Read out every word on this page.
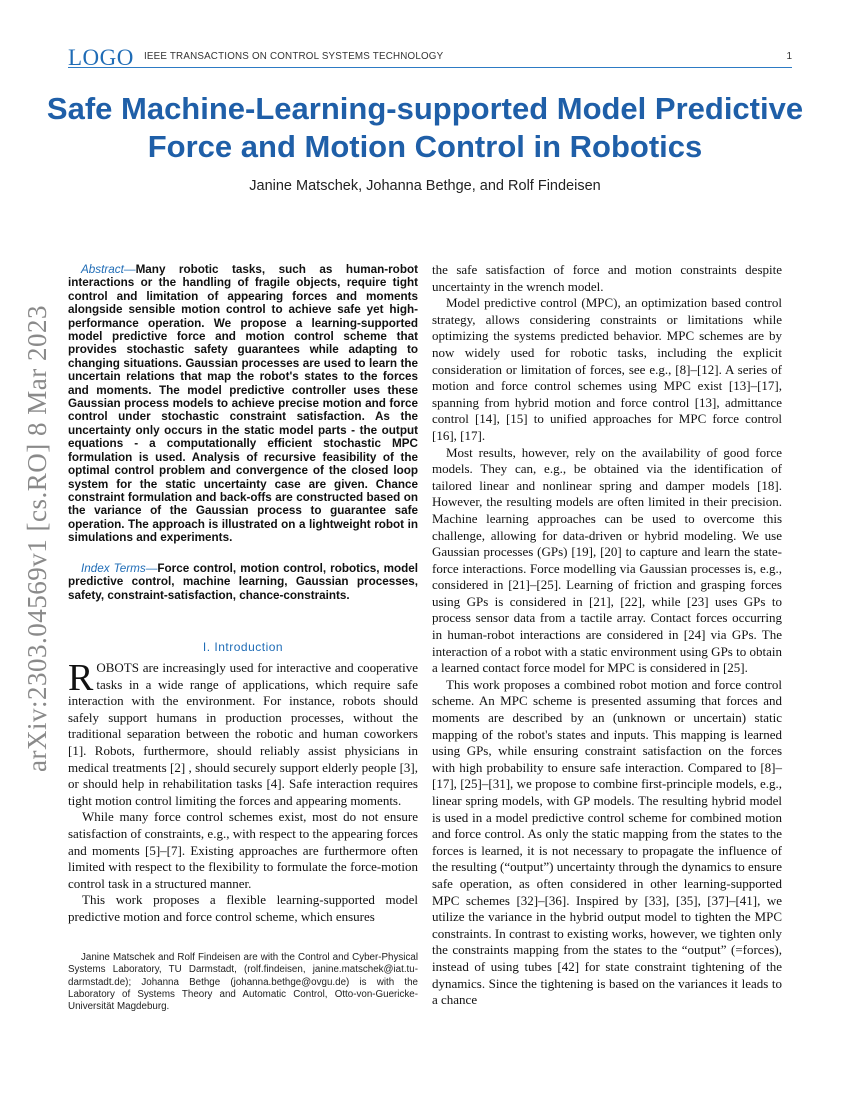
LOGO IEEE TRANSACTIONS ON CONTROL SYSTEMS TECHNOLOGY	1
Safe Machine-Learning-supported Model Predictive Force and Motion Control in Robotics
Janine Matschek, Johanna Bethge, and Rolf Findeisen
arXiv:2303.04569v1 [cs.RO] 8 Mar 2023
Abstract—Many robotic tasks, such as human-robot interactions or the handling of fragile objects, require tight control and limitation of appearing forces and moments alongside sensible motion control to achieve safe yet high-performance operation. We propose a learning-supported model predictive force and motion control scheme that provides stochastic safety guarantees while adapting to changing situations. Gaussian processes are used to learn the uncertain relations that map the robot's states to the forces and moments. The model predictive controller uses these Gaussian process models to achieve precise motion and force control under stochastic constraint satisfaction. As the uncertainty only occurs in the static model parts - the output equations - a computationally efficient stochastic MPC formulation is used. Analysis of recursive feasibility of the optimal control problem and convergence of the closed loop system for the static uncertainty case are given. Chance constraint formulation and back-offs are constructed based on the variance of the Gaussian process to guarantee safe operation. The approach is illustrated on a lightweight robot in simulations and experiments.
Index Terms—Force control, motion control, robotics, model predictive control, machine learning, Gaussian processes, safety, constraint-satisfaction, chance-constraints.
I. Introduction

ROBOTS are increasingly used for interactive and cooperative tasks in a wide range of applications, which require safe interaction with the environment. For instance, robots should safely support humans in production processes, without the traditional separation between the robotic and human coworkers [1]. Robots, furthermore, should reliably assist physicians in medical treatments [2] , should securely support elderly people [3], or should help in rehabilitation tasks [4]. Safe interaction requires tight motion control limiting the forces and appearing moments.

While many force control schemes exist, most do not ensure satisfaction of constraints, e.g., with respect to the appearing forces and moments [5]–[7]. Existing approaches are furthermore often limited with respect to the flexibility to formulate the force-motion control task in a structured manner.

This work proposes a flexible learning-supported model predictive motion and force control scheme, which ensures

Janine Matschek and Rolf Findeisen are with the Control and Cyber-Physical Systems Laboratory, TU Darmstadt, (rolf.findeisen, janine.matschek@iat.tu-darmstadt.de); Johanna Bethge (johanna.bethge@ovgu.de) is with the Laboratory of Systems Theory and Automatic Control, Otto-von-Guericke-Universität Magdeburg.

the safe satisfaction of force and motion constraints despite uncertainty in the wrench model.

Model predictive control (MPC), an optimization based control strategy, allows considering constraints or limitations while optimizing the systems predicted behavior. MPC schemes are by now widely used for robotic tasks, including the explicit consideration or limitation of forces, see e.g., [8]–[12]. A series of motion and force control schemes using MPC exist [13]–[17], spanning from hybrid motion and force control [13], admittance control [14], [15] to unified approaches for MPC force control [16], [17].

Most results, however, rely on the availability of good force models. They can, e.g., be obtained via the identification of tailored linear and nonlinear spring and damper models [18]. However, the resulting models are often limited in their precision. Machine learning approaches can be used to overcome this challenge, allowing for data-driven or hybrid modeling. We use Gaussian processes (GPs) [19], [20] to capture and learn the state-force interactions. Force modelling via Gaussian processes is, e.g., considered in [21]–[25]. Learning of friction and grasping forces using GPs is considered in [21], [22], while [23] uses GPs to process sensor data from a tactile array. Contact forces occurring in human-robot interactions are considered in [24] via GPs. The interaction of a robot with a static environment using GPs to obtain a learned contact force model for MPC is considered in [25].

This work proposes a combined robot motion and force control scheme. An MPC scheme is presented assuming that forces and moments are described by an (unknown or uncertain) static mapping of the robot's states and inputs. This mapping is learned using GPs, while ensuring constraint satisfaction on the forces with high probability to ensure safe interaction. Compared to [8]–[17], [25]–[31], we propose to combine first-principle models, e.g., linear spring models, with GP models. The resulting hybrid model is used in a model predictive control scheme for combined motion and force control. As only the static mapping from the states to the forces is learned, it is not necessary to propagate the influence of the resulting (“output”) uncertainty through the dynamics to ensure safe operation, as often considered in other learning-supported MPC schemes [32]–[36]. Inspired by [33], [35], [37]–[41], we utilize the variance in the hybrid output model to tighten the MPC constraints. In contrast to existing works, however, we tighten only the constraints mapping from the states to the “output” (=forces), instead of using tubes [42] for state constraint tightening of the dynamics. Since the tightening is based on the variances it leads to a chance
